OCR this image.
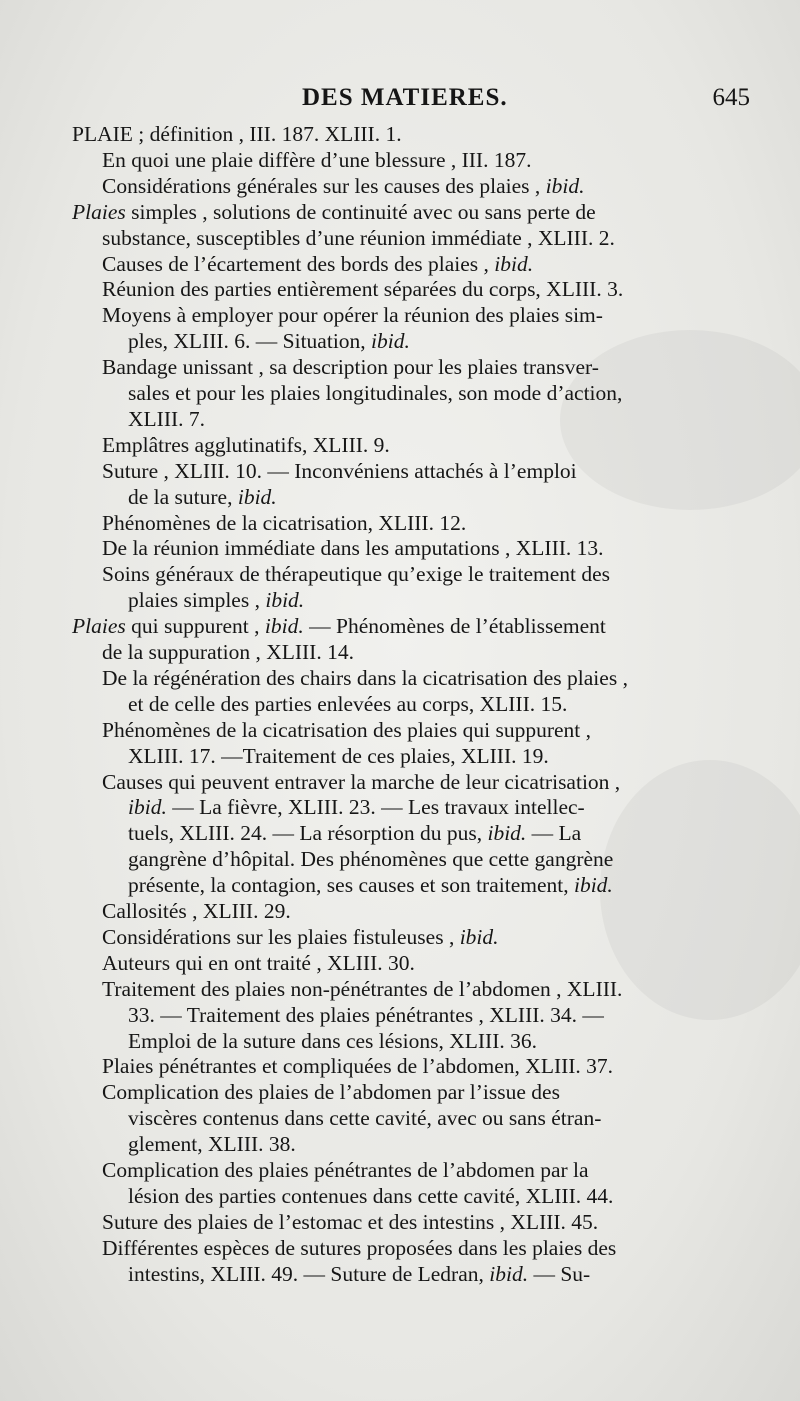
DES MATIERES.	645
PLAIE ; définition , III. 187. XLIII. 1.
En quoi une plaie diffère d’une blessure , III. 187.
Considérations générales sur les causes des plaies , ibid.
Plaies simples , solutions de continuité avec ou sans perte de
substance, susceptibles d’une réunion immédiate , XLIII. 2.
Causes de l’écartement des bords des plaies , ibid.
Réunion des parties entièrement séparées du corps, XLIII. 3.
Moyens à employer pour opérer la réunion des plaies sim-
ples, XLIII. 6. — Situation, ibid.
Bandage unissant , sa description pour les plaies transver-
sales et pour les plaies longitudinales, son mode d’action,
XLIII. 7.
Emplâtres agglutinatifs, XLIII. 9.
Suture , XLIII. 10. — Inconvéniens attachés à l’emploi
de la suture, ibid.
Phénomènes de la cicatrisation, XLIII. 12.
De la réunion immédiate dans les amputations , XLIII. 13.
Soins généraux de thérapeutique qu’exige le traitement des
plaies simples , ibid.
Plaies qui suppurent , ibid. — Phénomènes de l’établissement
de la suppuration , XLIII. 14.
De la régénération des chairs dans la cicatrisation des plaies ,
et de celle des parties enlevées au corps, XLIII. 15.
Phénomènes de la cicatrisation des plaies qui suppurent ,
XLIII. 17. —Traitement de ces plaies, XLIII. 19.
Causes qui peuvent entraver la marche de leur cicatrisation ,
ibid. — La fièvre, XLIII. 23. — Les travaux intellec-
tuels, XLIII. 24. — La résorption du pus, ibid. — La
gangrène d’hôpital. Des phénomènes que cette gangrène
présente, la contagion, ses causes et son traitement, ibid.
Callosités , XLIII. 29.
Considérations sur les plaies fistuleuses , ibid.
Auteurs qui en ont traité , XLIII. 30.
Traitement des plaies non-pénétrantes de l’abdomen , XLIII.
33. — Traitement des plaies pénétrantes , XLIII. 34. —
Emploi de la suture dans ces lésions, XLIII. 36.
Plaies pénétrantes et compliquées de l’abdomen, XLIII. 37.
Complication des plaies de l’abdomen par l’issue des
viscères contenus dans cette cavité, avec ou sans étran-
glement, XLIII. 38.
Complication des plaies pénétrantes de l’abdomen par la
lésion des parties contenues dans cette cavité, XLIII. 44.
Suture des plaies de l’estomac et des intestins , XLIII. 45.
Différentes espèces de sutures proposées dans les plaies des
intestins, XLIII. 49. — Suture de Ledran, ibid. — Su-
